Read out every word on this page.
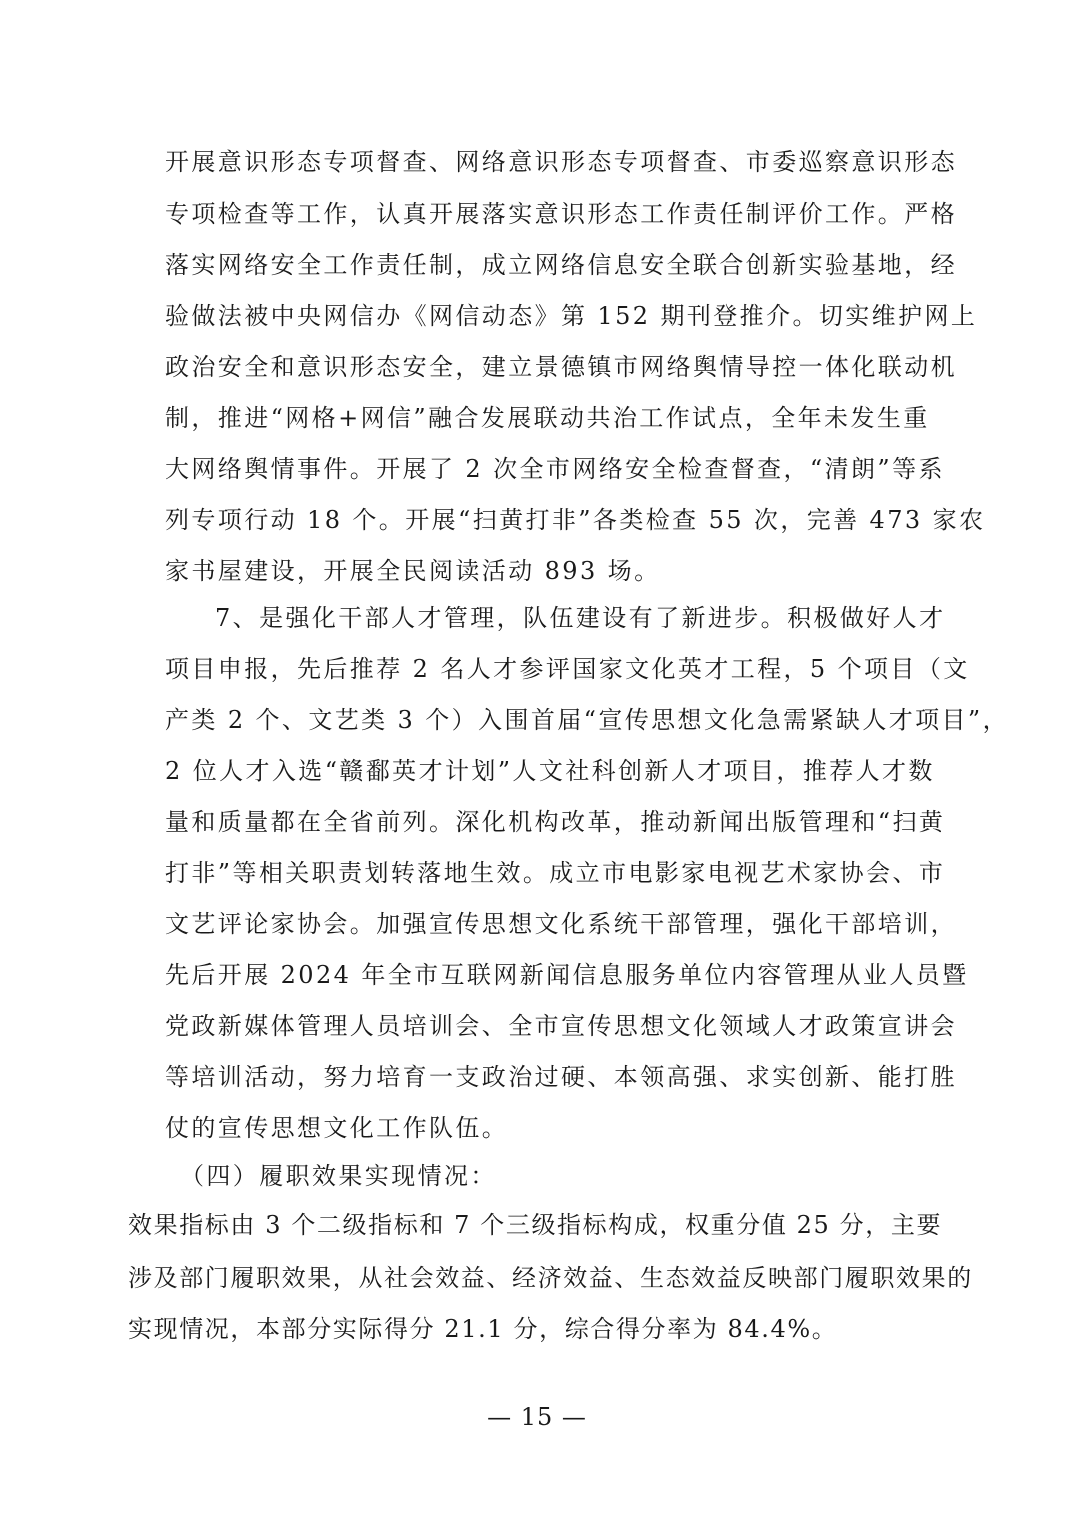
开展意识形态专项督查、网络意识形态专项督查、市委巡察意识形态
专项检查等工作，认真开展落实意识形态工作责任制评价工作。严格
落实网络安全工作责任制，成立网络信息安全联合创新实验基地，经
验做法被中央网信办《网信动态》第 152 期刊登推介。切实维护网上
政治安全和意识形态安全，建立景德镇市网络舆情导控一体化联动机
制，推进“网格+网信”融合发展联动共治工作试点，全年未发生重
大网络舆情事件。开展了 2 次全市网络安全检查督查，“清朗”等系
列专项行动 18 个。开展“扫黄打非”各类检查 55 次，完善 473 家农
家书屋建设，开展全民阅读活动 893 场。
7、是强化干部人才管理，队伍建设有了新进步。积极做好人才
项目申报，先后推荐 2 名人才参评国家文化英才工程，5 个项目（文
产类 2 个、文艺类 3 个）入围首届“宣传思想文化急需紧缺人才项目”，
2 位人才入选“赣鄱英才计划”人文社科创新人才项目，推荐人才数
量和质量都在全省前列。深化机构改革，推动新闻出版管理和“扫黄
打非”等相关职责划转落地生效。成立市电影家电视艺术家协会、市
文艺评论家协会。加强宣传思想文化系统干部管理，强化干部培训，
先后开展 2024 年全市互联网新闻信息服务单位内容管理从业人员暨
党政新媒体管理人员培训会、全市宣传思想文化领域人才政策宣讲会
等培训活动，努力培育一支政治过硬、本领高强、求实创新、能打胜
仗的宣传思想文化工作队伍。
（四）履职效果实现情况：
效果指标由 3 个二级指标和 7 个三级指标构成，权重分值 25 分，主要
涉及部门履职效果，从社会效益、经济效益、生态效益反映部门履职效果的
实现情况，本部分实际得分 21.1 分，综合得分率为 84.4%。
— 15 —
